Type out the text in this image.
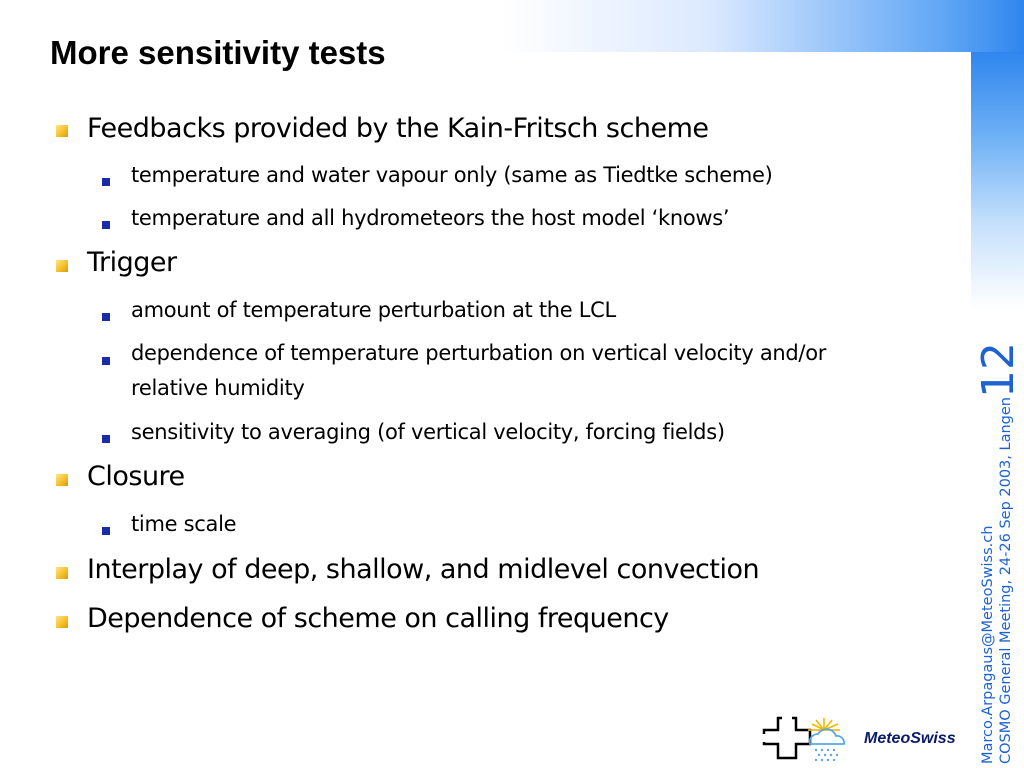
More sensitivity tests
Feedbacks provided by the Kain-Fritsch scheme
temperature and water vapour only (same as Tiedtke scheme)
temperature and all hydrometeors the host model ‘knows’
Trigger
amount of temperature perturbation at the LCL
dependence of temperature perturbation on vertical velocity and/or relative humidity
sensitivity to averaging (of vertical velocity, forcing fields)
Closure
time scale
Interplay of deep, shallow, and midlevel convection
Dependence of scheme on calling frequency
12
Marco.Arpagaus@MeteoSwiss.ch COSMO General Meeting, 24-26 Sep 2003, Langen
MeteoSwiss
